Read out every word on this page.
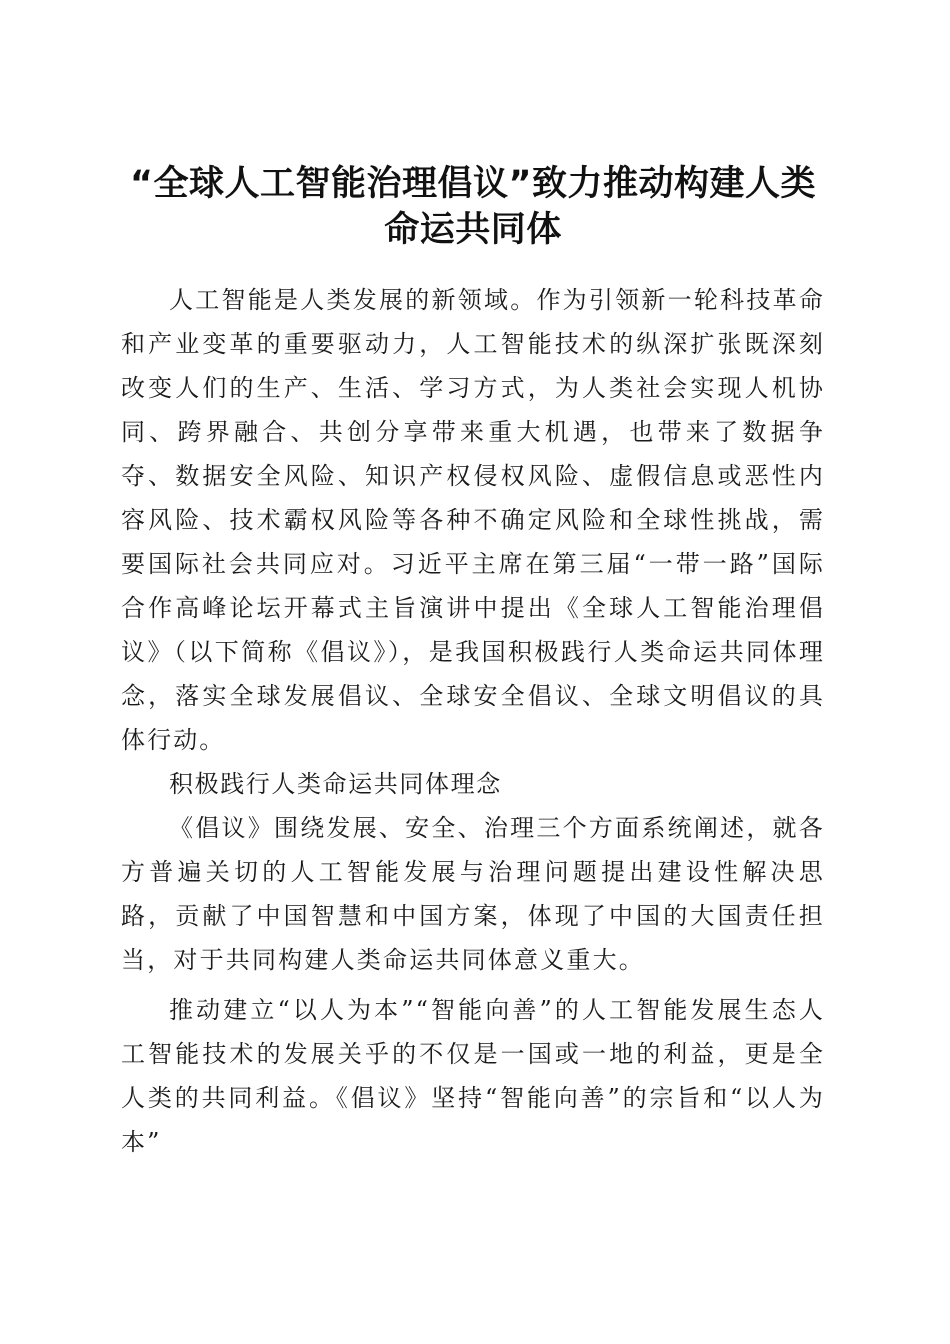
“全球人工智能治理倡议”致力推动构建人类
命运共同体

人工智能是人类发展的新领域。作为引领新一轮科技革命和产业变革的重要驱动力，人工智能技术的纵深扩张既深刻改变人们的生产、生活、学习方式，为人类社会实现人机协同、跨界融合、共创分享带来重大机遇，也带来了数据争夺、数据安全风险、知识产权侵权风险、虚假信息或恶性内容风险、技术霸权风险等各种不确定风险和全球性挑战，需要国际社会共同应对。习近平主席在第三届“一带一路”国际合作高峰论坛开幕式主旨演讲中提出《全球人工智能治理倡议》（以下简称《倡议》），是我国积极践行人类命运共同体理念，落实全球发展倡议、全球安全倡议、全球文明倡议的具体行动。

积极践行人类命运共同体理念

《倡议》围绕发展、安全、治理三个方面系统阐述，就各方普遍关切的人工智能发展与治理问题提出建设性解决思路，贡献了中国智慧和中国方案，体现了中国的大国责任担当，对于共同构建人类命运共同体意义重大。

推动建立“以人为本”“智能向善”的人工智能发展生态人工智能技术的发展关乎的不仅是一国或一地的利益，更是全人类的共同利益。《倡议》坚持“智能向善”的宗旨和“以人为本”
